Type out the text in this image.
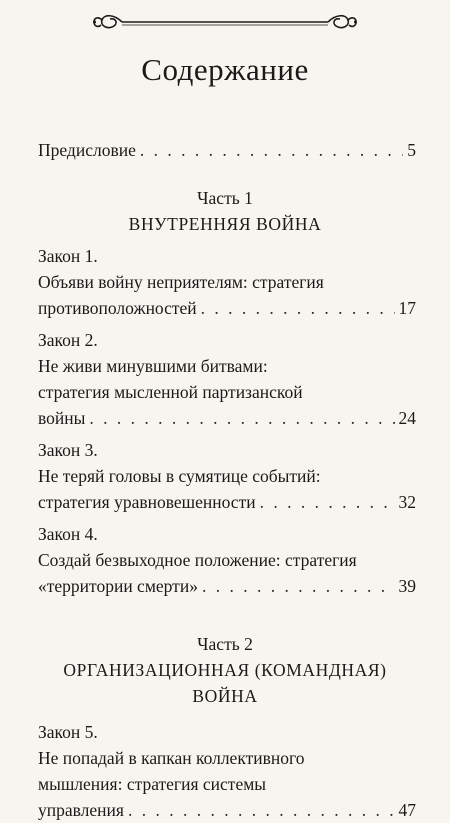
Содержание
Предисловие . . .	5
Часть 1
ВНУТРЕННЯЯ ВОЙНА
Закон 1.
Объяви войну неприятелям: стратегия
противоположностей . . .	17
Закон 2.
Не живи минувшими битвами:
стратегия мысленной партизанской
войны . . .	24
Закон 3.
Не теряй головы в сумятице событий:
стратегия уравновешенности . . .	32
Закон 4.
Создай безвыходное положение: стратегия
«территории смерти» . . .	39
Часть 2
ОРГАНИЗАЦИОННАЯ (КОМАНДНАЯ)
ВОЙНА
Закон 5.
Не попадай в капкан коллективного
мышления: стратегия системы
управления . . .	47
